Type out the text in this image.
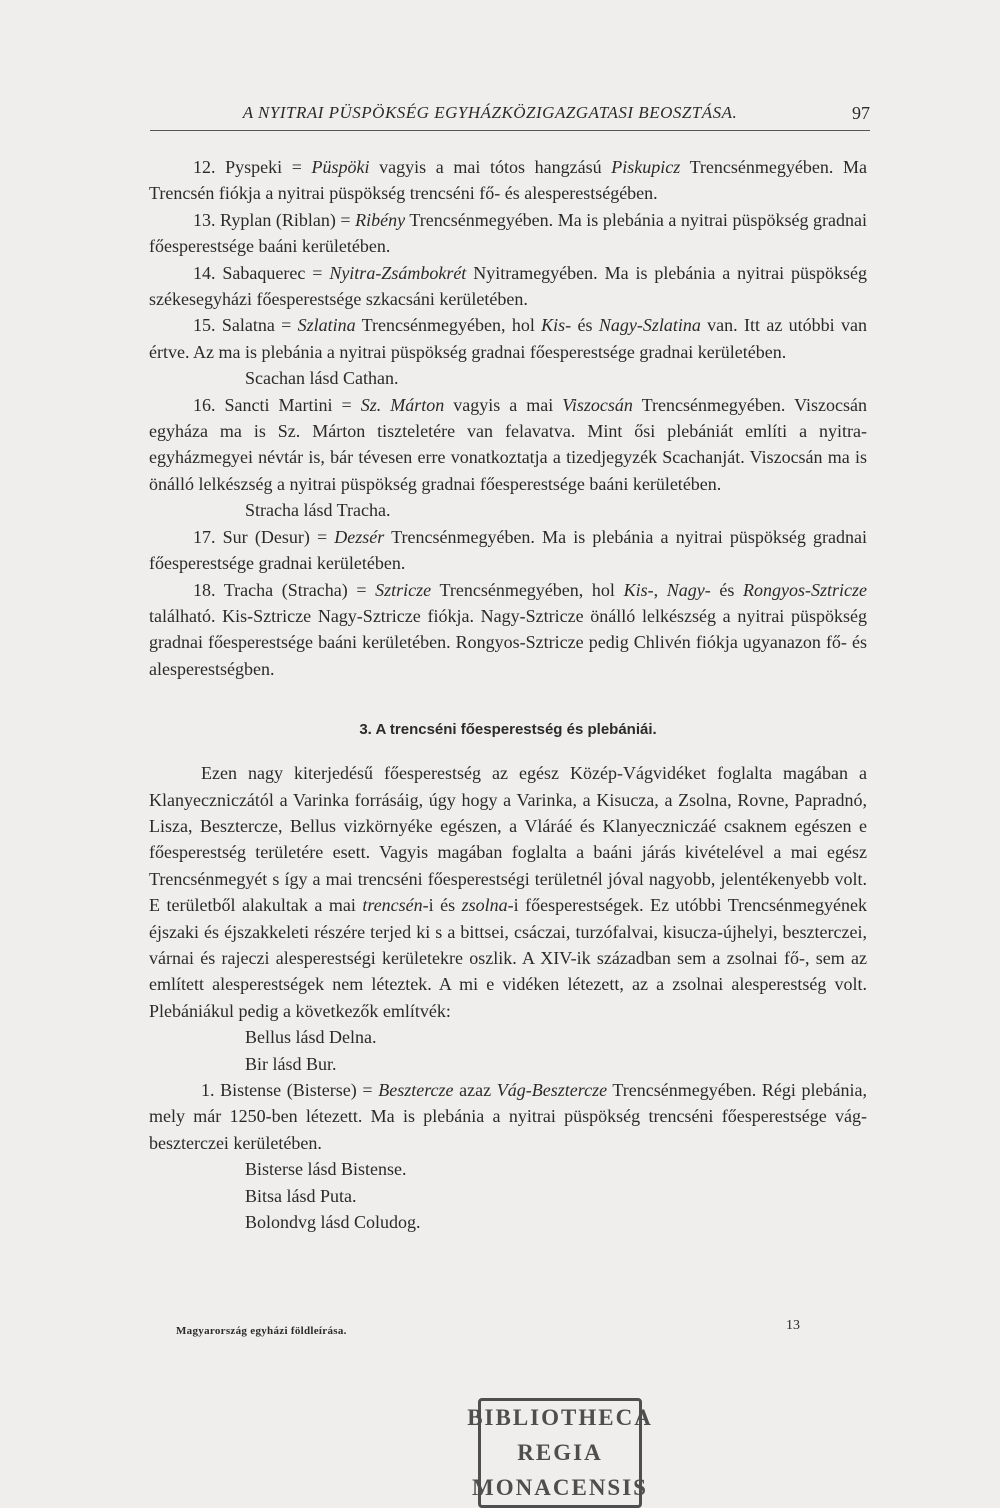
A NYITRAI PÜSPÖKSÉG EGYHÁZKÖZIGAZGATASI BEOSZTÁSA.	97

12. Pyspeki = Püspöki vagyis a mai tótos hangzású Piskupicz Trencsénmegyében. Ma Trencsén fiókja a nyitrai püspökség trencséni fő- és alesperestségében.

13. Ryplan (Riblan) = Ribény Trencsénmegyében. Ma is plebánia a nyitrai püspökség gradnai főesperestsége baáni kerületében.

14. Sabaquerec = Nyitra-Zsámbokrét Nyitramegyében. Ma is plebánia a nyitrai püspökség székesegyházi főesperestsége szkacsáni kerületében.

15. Salatna = Szlatina Trencsénmegyében, hol Kis- és Nagy-Szlatina van. Itt az utóbbi van értve. Az ma is plebánia a nyitrai püspökség gradnai főesperestsége gradnai kerületében.

Scachan lásd Cathan.

16. Sancti Martini = Sz. Márton vagyis a mai Viszocsán Trencsénmegyében. Viszocsán egyháza ma is Sz. Márton tiszteletére van felavatva. Mint ősi plebániát említi a nyitra-egyházmegyei névtár is, bár tévesen erre vonatkoztatja a tizedjegyzék Scachanját. Viszocsán ma is önálló lelkészség a nyitrai püspökség gradnai főesperestsége baáni kerületében.

Stracha lásd Tracha.

17. Sur (Desur) = Dezsér Trencsénmegyében. Ma is plebánia a nyitrai püspökség gradnai főesperestsége gradnai kerületében.

18. Tracha (Stracha) = Sztricze Trencsénmegyében, hol Kis-, Nagy- és Rongyos-Sztricze található. Kis-Sztricze Nagy-Sztricze fiókja. Nagy-Sztricze önálló lelkészség a nyitrai püspökség gradnai főesperestsége baáni kerületében. Rongyos-Sztricze pedig Chlivén fiókja ugyanazon fő- és alesperestségben.

3. A trencséni főesperestség és plebániái.

Ezen nagy kiterjedésű főesperestség az egész Közép-Vágvidéket foglalta magában a Klanyeczniczától a Varinka forrásáig, úgy hogy a Varinka, a Kisucza, a Zsolna, Rovne, Papradnó, Lisza, Besztercze, Bellus vizkörnyéke egészen, a Vláráé és Klanyeczniczáé csaknem egészen e főesperestség területére esett. Vagyis magában foglalta a baáni járás kivételével a mai egész Trencsénmegyét s így a mai trencséni főesperestségi területnél jóval nagyobb, jelentékenyebb volt. E területből alakultak a mai trencsén-i és zsolna-i főesperestségek. Ez utóbbi Trencsénmegyének éjszaki és éjszakkeleti részére terjed ki s a bittsei, csáczai, turzófalvai, kisucza-újhelyi, beszterczei, várnai és rajeczi alesperestségi kerületekre oszlik. A XIV-ik században sem a zsolnai fő-, sem az említett alesperestségek nem léteztek. A mi e vidéken létezett, az a zsolnai alesperestség volt. Plebániákul pedig a következők említvék:

Bellus lásd Delna.

Bir lásd Bur.

1. Bistense (Bisterse) = Besztercze azaz Vág-Besztercze Trencsénmegyében. Régi plebánia, mely már 1250-ben létezett. Ma is plebánia a nyitrai püspökség trencséni főesperestsége vág-beszterczei kerületében.

Bisterse lásd Bistense.

Bitsa lásd Puta.

Bolondvg lásd Coludog.

Magyarország egyházi földleírása.	13
BIBLIOTHECA
REGIA
MONACENSIS
